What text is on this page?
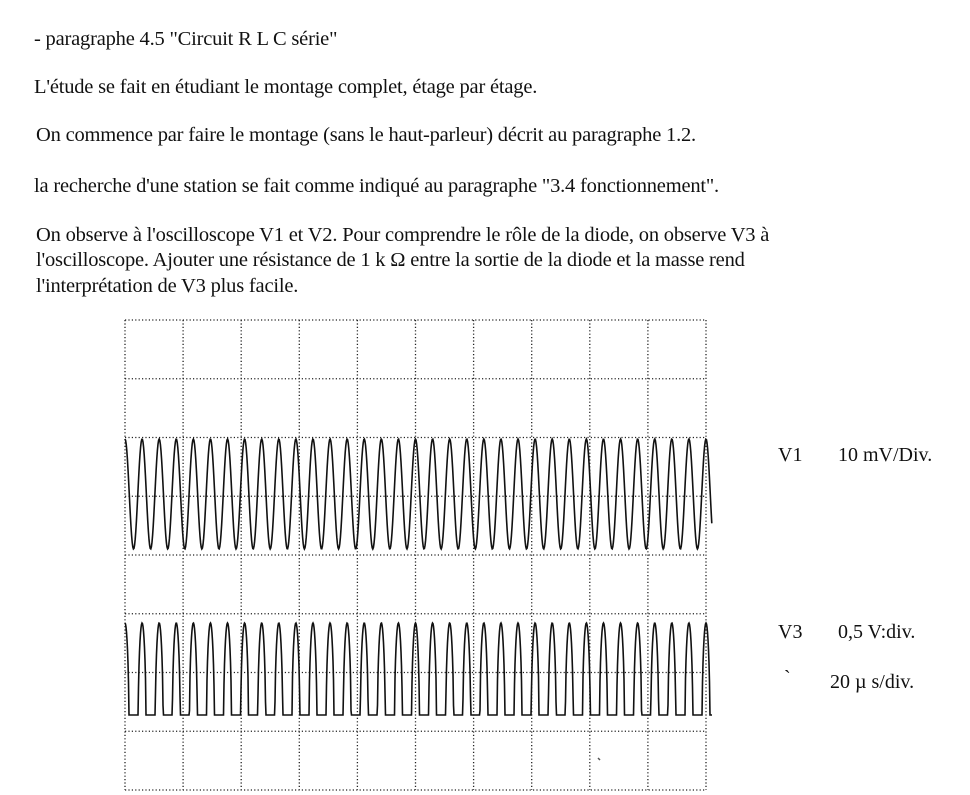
- paragraphe 4.5 "Circuit R L C série"
L'étude se fait en étudiant le montage complet, étage par étage.
On commence par faire le montage (sans le haut-parleur) décrit au paragraphe 1.2.
la recherche d'une station se fait comme indiqué au paragraphe "3.4 fonctionnement".
On observe à l'oscilloscope V1 et V2. Pour comprendre le rôle de la diode, on observe V3 à
l'oscilloscope. Ajouter une résistance de 1 k Ω entre la sortie de la diode et la masse rend
l'interprétation de V3 plus facile.
V1 10 mV/Div.
V3 0,5 V:div.
` 20 µ s/div.
